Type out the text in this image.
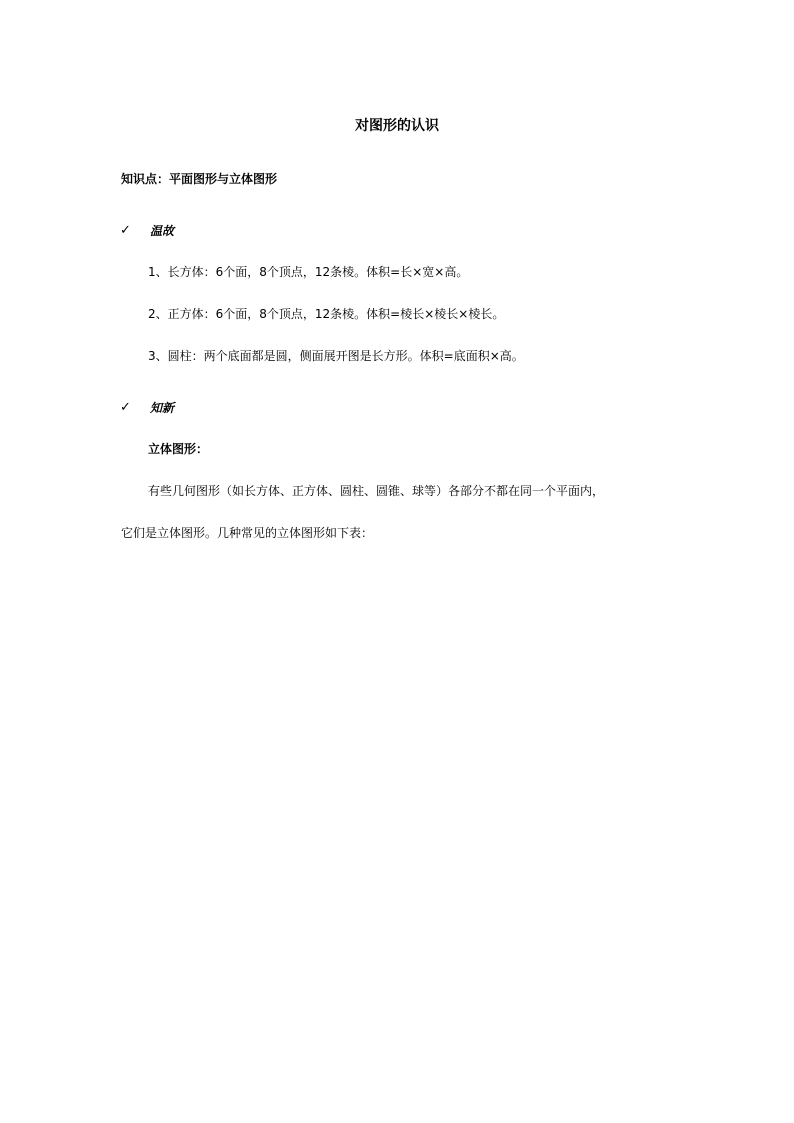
对图形的认识
知识点：平面图形与立体图形
✓ 温故
1、长方体：6个面，8个顶点，12条棱。体积=长×宽×高。
2、正方体：6个面，8个顶点，12条棱。体积=棱长×棱长×棱长。
3、圆柱：两个底面都是圆，侧面展开图是长方形。体积=底面积×高。
✓ 知新
立体图形：
有些几何图形（如长方体、正方体、圆柱、圆锥、球等）各部分不都在同一个平面内，
它们是立体图形。几种常见的立体图形如下表：
